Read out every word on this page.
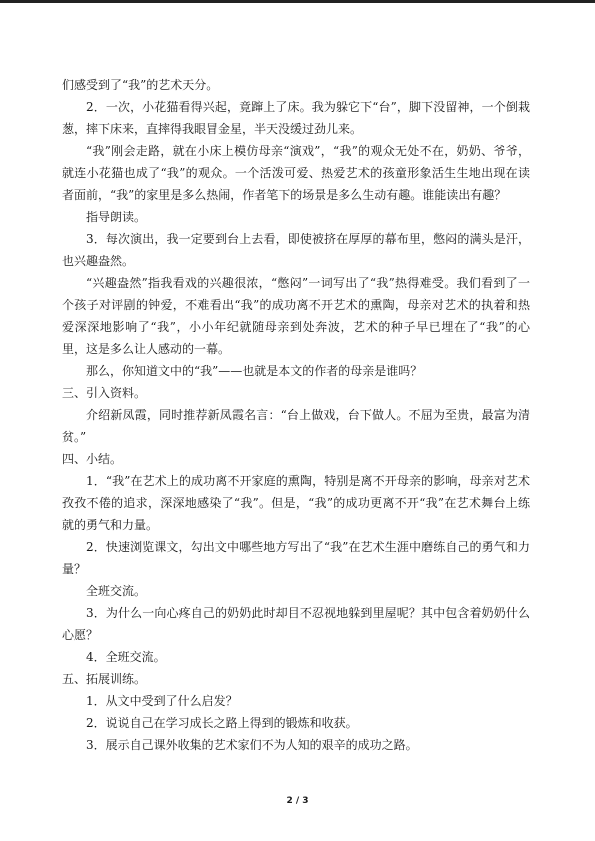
们感受到了“我”的艺术天分。

2．一次，小花猫看得兴起，竟蹿上了床。我为躲它下“台”，脚下没留神，一个倒栽葱，摔下床来，直摔得我眼冒金星，半天没缓过劲儿来。

“我”刚会走路，就在小床上模仿母亲“演戏”，“我”的观众无处不在，奶奶、爷爷，就连小花猫也成了“我”的观众。一个活泼可爱、热爱艺术的孩童形象活生生地出现在读者面前，“我”的家里是多么热闹，作者笔下的场景是多么生动有趣。谁能读出有趣？

指导朗读。

3．每次演出，我一定要到台上去看，即使被挤在厚厚的幕布里，憋闷的满头是汗，也兴趣盎然。

“兴趣盎然”指我看戏的兴趣很浓，“憋闷”一词写出了“我”热得难受。我们看到了一个孩子对评剧的钟爱，不难看出“我”的成功离不开艺术的熏陶，母亲对艺术的执着和热爱深深地影响了“我”，小小年纪就随母亲到处奔波，艺术的种子早已埋在了“我”的心里，这是多么让人感动的一幕。

那么，你知道文中的“我”——也就是本文的作者的母亲是谁吗？

三、引入资料。

介绍新凤霞，同时推荐新凤霞名言：“台上做戏，台下做人。不屈为至贵，最富为清贫。”

四、小结。

1．“我”在艺术上的成功离不开家庭的熏陶，特别是离不开母亲的影响，母亲对艺术孜孜不倦的追求，深深地感染了“我”。但是，“我”的成功更离不开“我”在艺术舞台上练就的勇气和力量。

2．快速浏览课文，勾出文中哪些地方写出了“我”在艺术生涯中磨练自己的勇气和力量？

全班交流。

3．为什么一向心疼自己的奶奶此时却目不忍视地躲到里屋呢？其中包含着奶奶什么心愿？

4．全班交流。

五、拓展训练。

1．从文中受到了什么启发？

2．说说自己在学习成长之路上得到的锻炼和收获。

3．展示自己课外收集的艺术家们不为人知的艰辛的成功之路。

2 / 3
